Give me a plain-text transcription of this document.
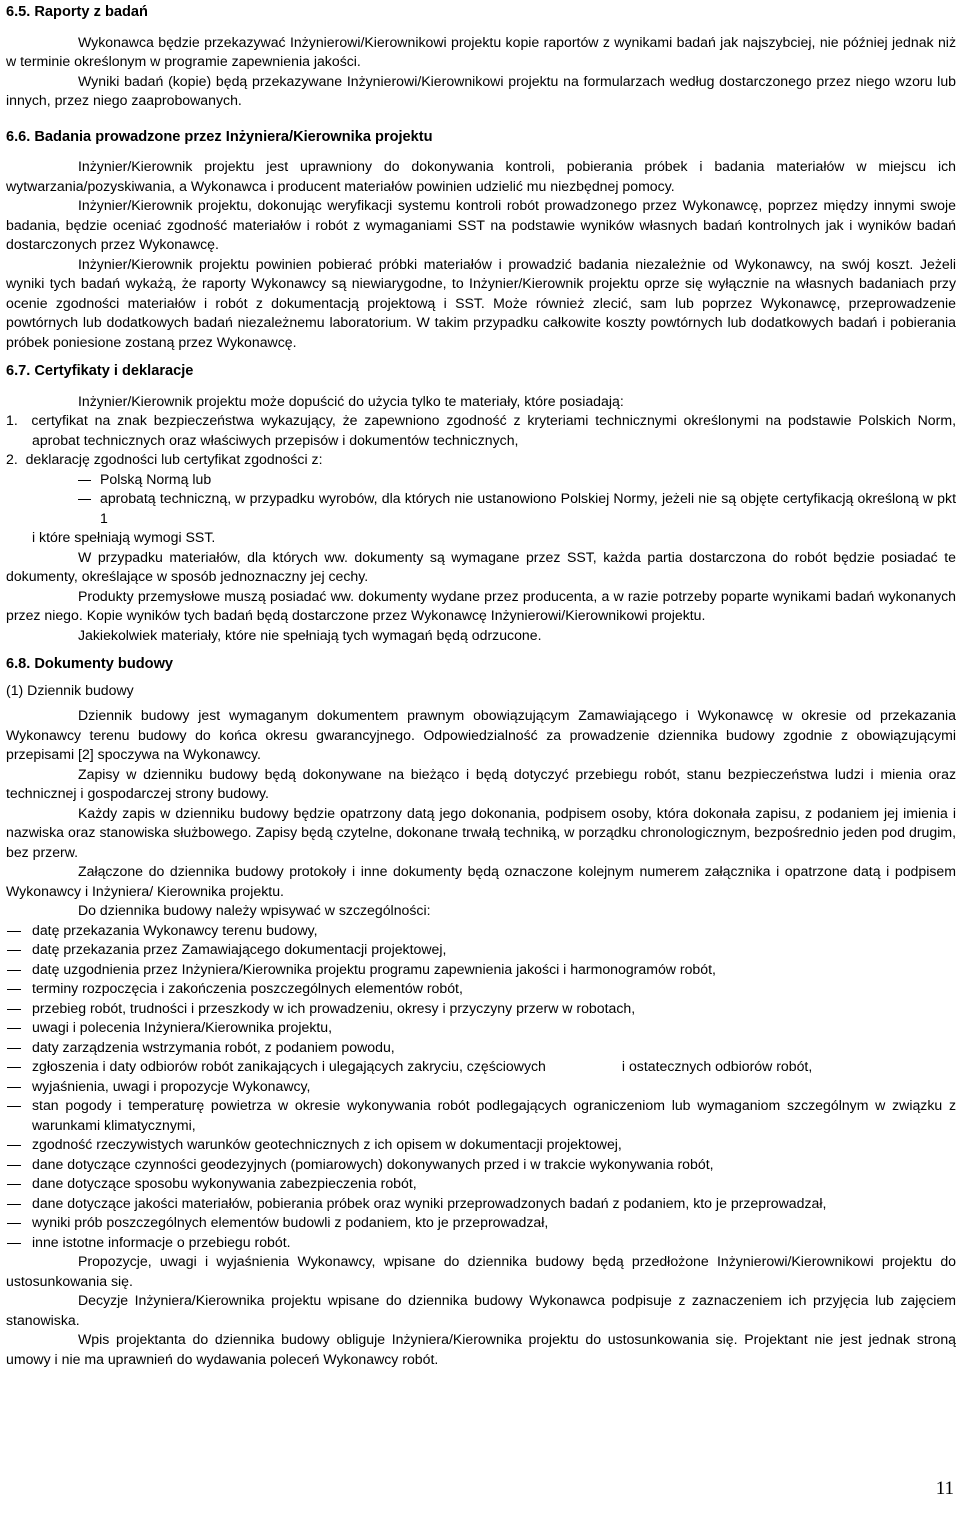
6.5. Raporty z badań

Wykonawca będzie przekazywać Inżynierowi/Kierownikowi projektu kopie raportów z wynikami badań jak najszybciej, nie później jednak niż w terminie określonym w programie zapewnienia jakości.

Wyniki badań (kopie) będą przekazywane Inżynierowi/Kierownikowi projektu na formularzach według dostarczonego przez niego wzoru lub innych, przez niego zaaprobowanych.

6.6. Badania prowadzone przez Inżyniera/Kierownika projektu

Inżynier/Kierownik projektu jest uprawniony do dokonywania kontroli, pobierania próbek i badania materiałów w miejscu ich wytwarzania/pozyskiwania, a Wykonawca i producent materiałów powinien udzielić mu niezbędnej pomocy.

Inżynier/Kierownik projektu, dokonując weryfikacji systemu kontroli robót prowadzonego przez Wykonawcę, poprzez między innymi swoje badania, będzie oceniać zgodność materiałów i robót z wymaganiami SST na podstawie wyników własnych badań kontrolnych jak i wyników badań dostarczonych przez Wykonawcę.

Inżynier/Kierownik projektu powinien pobierać próbki materiałów i prowadzić badania niezależnie od Wykonawcy, na swój koszt. Jeżeli wyniki tych badań wykażą, że raporty Wykonawcy są niewiarygodne, to Inżynier/Kierownik projektu oprze się wyłącznie na własnych badaniach przy ocenie zgodności materiałów i robót z dokumentacją projektową i SST. Może również zlecić, sam lub poprzez Wykonawcę, przeprowadzenie powtórnych lub dodatkowych badań niezależnemu laboratorium. W takim przypadku całkowite koszty powtórnych lub dodatkowych badań i pobierania próbek poniesione zostaną przez Wykonawcę.

6.7. Certyfikaty i deklaracje

Inżynier/Kierownik projektu może dopuścić do użycia tylko te materiały, które posiadają:

1.  certyfikat na znak bezpieczeństwa wykazujący, że zapewniono zgodność z kryteriami technicznymi określonymi na podstawie Polskich Norm, aprobat technicznych oraz właściwych przepisów i dokumentów technicznych,

2.  deklarację zgodności lub certyfikat zgodności z:

Polską Normą lub

aprobatą techniczną, w przypadku wyrobów, dla których nie ustanowiono Polskiej Normy, jeżeli nie są objęte certyfikacją określoną w pkt 1

i które spełniają wymogi SST.

W przypadku materiałów, dla których ww. dokumenty są wymagane przez SST, każda partia dostarczona do robót będzie posiadać te dokumenty, określające w sposób jednoznaczny jej cechy.

Produkty przemysłowe muszą posiadać ww. dokumenty wydane przez producenta, a w razie potrzeby poparte wynikami badań wykonanych przez niego. Kopie wyników tych badań będą dostarczone przez Wykonawcę Inżynierowi/Kierownikowi projektu.

Jakiekolwiek materiały, które nie spełniają tych wymagań będą odrzucone.

6.8. Dokumenty budowy

(1) Dziennik budowy

Dziennik budowy jest wymaganym dokumentem prawnym obowiązującym Zamawiającego i Wykonawcę w okresie od przekazania Wykonawcy terenu budowy do końca okresu gwarancyjnego. Odpowiedzialność za prowadzenie dziennika budowy zgodnie z obowiązującymi przepisami [2] spoczywa na Wykonawcy.

Zapisy w dzienniku budowy będą dokonywane na bieżąco i będą dotyczyć przebiegu robót, stanu bezpieczeństwa ludzi i mienia oraz technicznej i gospodarczej strony budowy.

Każdy zapis w dzienniku budowy będzie opatrzony datą jego dokonania, podpisem osoby, która dokonała zapisu, z podaniem jej imienia i nazwiska oraz stanowiska służbowego. Zapisy będą czytelne, dokonane trwałą techniką, w porządku chronologicznym, bezpośrednio jeden pod drugim, bez przerw.

Załączone do dziennika budowy protokoły i inne dokumenty będą oznaczone kolejnym numerem załącznika i opatrzone datą i podpisem Wykonawcy i Inżyniera/ Kierownika projektu.

Do dziennika budowy należy wpisywać w szczególności:

datę przekazania Wykonawcy terenu budowy,

datę przekazania przez Zamawiającego dokumentacji projektowej,

datę uzgodnienia przez Inżyniera/Kierownika projektu programu zapewnienia jakości i harmonogramów robót,

terminy rozpoczęcia i zakończenia poszczególnych elementów robót,

przebieg robót, trudności i przeszkody w ich prowadzeniu, okresy i przyczyny przerw w robotach,

uwagi i polecenia Inżyniera/Kierownika projektu,

daty zarządzenia wstrzymania robót, z podaniem powodu,

zgłoszenia i daty odbiorów robót zanikających i ulegających zakryciu, częściowych	i ostatecznych odbiorów robót,

wyjaśnienia, uwagi i propozycje Wykonawcy,

stan pogody i temperaturę powietrza w okresie wykonywania robót podlegających ograniczeniom lub wymaganiom szczególnym w związku z warunkami klimatycznymi,

zgodność rzeczywistych warunków geotechnicznych z ich opisem w dokumentacji projektowej,

dane dotyczące czynności geodezyjnych (pomiarowych) dokonywanych przed i w trakcie wykonywania robót,

dane dotyczące sposobu wykonywania zabezpieczenia robót,

dane dotyczące jakości materiałów, pobierania próbek oraz wyniki przeprowadzonych badań z podaniem, kto je przeprowadzał,

wyniki prób poszczególnych elementów budowli z podaniem, kto je przeprowadzał,

inne istotne informacje o przebiegu robót.

Propozycje, uwagi i wyjaśnienia Wykonawcy, wpisane do dziennika budowy będą przedłożone Inżynierowi/Kierownikowi projektu do ustosunkowania się.

Decyzje Inżyniera/Kierownika projektu wpisane do dziennika budowy Wykonawca podpisuje z zaznaczeniem ich przyjęcia lub zajęciem stanowiska.

Wpis projektanta do dziennika budowy obliguje Inżyniera/Kierownika projektu do ustosunkowania się. Projektant nie jest jednak stroną umowy i nie ma uprawnień do wydawania poleceń Wykonawcy robót.

11
